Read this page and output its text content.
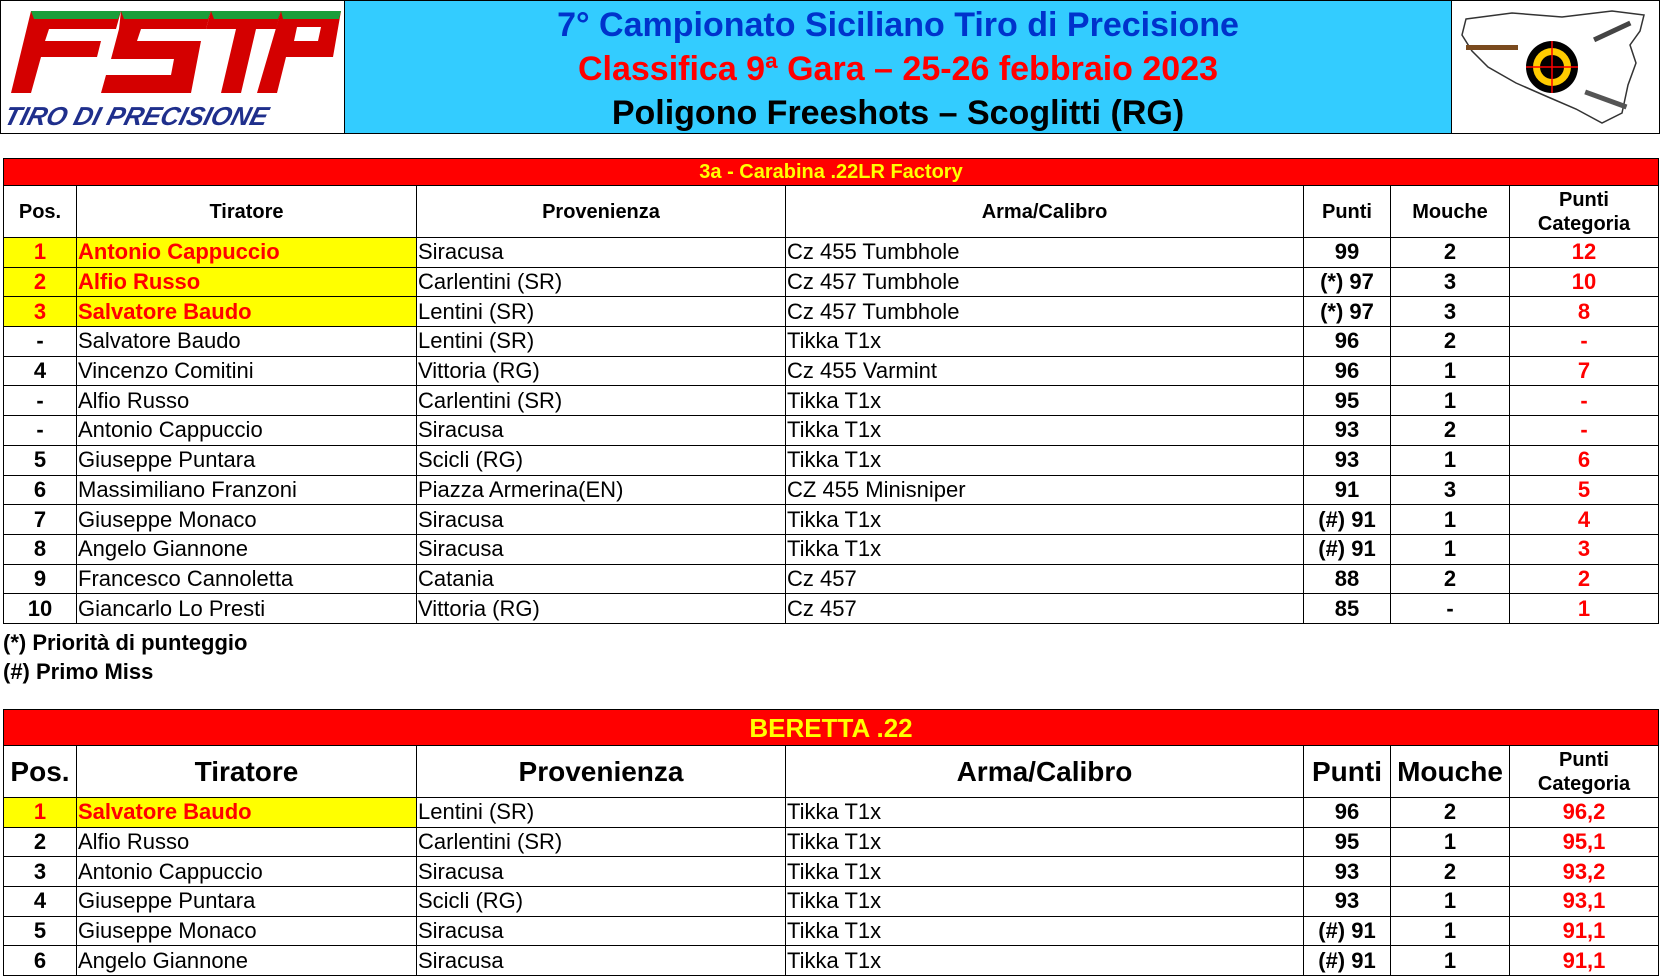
TIRO DI PRECISIONE
7° Campionato Siciliano Tiro di Precisione
Classifica 9ª Gara – 25-26 febbraio 2023
Poligono Freeshots – Scoglitti (RG)
3a - Carabina .22LR Factory						
Pos.	Tiratore	Provenienza	Arma/Calibro	Punti	Mouche	Punti Categoria
1	Antonio Cappuccio	Siracusa	Cz 455 Tumbhole	99	2	12
2	Alfio Russo	Carlentini (SR)	Cz 457 Tumbhole	(*) 97	3	10
3	Salvatore Baudo	Lentini (SR)	Cz 457 Tumbhole	(*) 97	3	8
-	Salvatore Baudo	Lentini (SR)	Tikka T1x	96	2	-
4	Vincenzo Comitini	Vittoria (RG)	Cz 455 Varmint	96	1	7
-	Alfio Russo	Carlentini (SR)	Tikka T1x	95	1	-
-	Antonio Cappuccio	Siracusa	Tikka T1x	93	2	-
5	Giuseppe Puntara	Scicli (RG)	Tikka T1x	93	1	6
6	Massimiliano Franzoni	Piazza Armerina(EN)	CZ 455 Minisniper	91	3	5
7	Giuseppe Monaco	Siracusa	Tikka T1x	(#) 91	1	4
8	Angelo Giannone	Siracusa	Tikka T1x	(#) 91	1	3
9	Francesco Cannoletta	Catania	Cz 457	88	2	2
10	Giancarlo Lo Presti	Vittoria (RG)	Cz 457	85	-	1
(*) Priorità di punteggio
(#) Primo Miss
BERETTA .22						
Pos.	Tiratore	Provenienza	Arma/Calibro	Punti	Mouche	Punti Categoria
1	Salvatore Baudo	Lentini (SR)	Tikka T1x	96	2	96,2
2	Alfio Russo	Carlentini (SR)	Tikka T1x	95	1	95,1
3	Antonio Cappuccio	Siracusa	Tikka T1x	93	2	93,2
4	Giuseppe Puntara	Scicli (RG)	Tikka T1x	93	1	93,1
5	Giuseppe Monaco	Siracusa	Tikka T1x	(#) 91	1	91,1
6	Angelo Giannone	Siracusa	Tikka T1x	(#) 91	1	91,1
